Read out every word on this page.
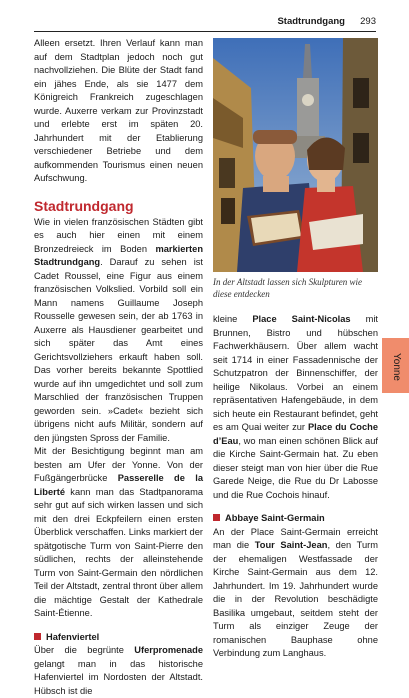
Stadtrundgang 293

Alleen ersetzt. Ihren Verlauf kann man auf dem Stadtplan jedoch noch gut nachvollziehen. Die Blüte der Stadt fand ein jähes Ende, als sie 1477 dem Königreich Frankreich zugeschlagen wurde. Auxerre verkam zur Provinzstadt und erlebte erst im späten 20. Jahrhundert mit der Etablierung verschiedener Betriebe und dem aufkommenden Tourismus einen neuen Aufschwung.

Stadtrundgang

Wie in vielen französischen Städten gibt es auch hier einen mit einem Bronzedreieck im Boden markierten Stadtrundgang. Darauf zu sehen ist Cadet Roussel, eine Figur aus einem französischen Volkslied. Vorbild soll ein Mann namens Guillaume Joseph Rousselle gewesen sein, der ab 1763 in Auxerre als Hausdiener gearbeitet und sich später das Amt eines Gerichtsvollziehers erkauft haben soll. Das vorher bereits bekannte Spottlied wurde auf ihn umgedichtet und soll zum Marschlied der französischen Truppen geworden sein. »Cadet« bezieht sich übrigens nicht aufs Militär, sondern auf den jüngsten Spross der Familie.

Mit der Besichtigung beginnt man am besten am Ufer der Yonne. Von der Fußgängerbrücke Passerelle de la Liberté kann man das Stadtpanorama sehr gut auf sich wirken lassen und sich mit den drei Eckpfeilern einen ersten Überblick verschaffen. Links markiert der spätgotische Turm von Saint-Pierre den südlichen, rechts der alleinstehende Turm von Saint-Germain den nördlichen Teil der Altstadt, zentral thront über allem die mächtige Gestalt der Kathedrale Saint-Étienne.

Hafenviertel

Über die begrünte Uferpromenade gelangt man in das historische Hafenviertel im Nordosten der Altstadt. Hübsch ist die

In der Altstadt lassen sich Skulpturen wie diese entdecken

kleine Place Saint-Nicolas mit Brunnen, Bistro und hübschen Fachwerkhäusern. Über allem wacht seit 1714 in einer Fassadennische der Schutzpatron der Binnenschiffer, der heilige Nikolaus. Vorbei an einem repräsentativen Hafengebäude, in dem sich heute ein Restaurant befindet, geht es am Quai weiter zur Place du Coche d’Eau, wo man einen schönen Blick auf die Kirche Saint-Germain hat. Zu eben dieser steigt man von hier über die Rue Garede Neige, die Rue du Dr Labosse und die Rue Cochois hinauf.

Abbaye Saint-Germain

An der Place Saint-Germain erreicht man die Tour Saint-Jean, den Turm der ehemaligen Westfassade der Kirche Saint-Germain aus dem 12. Jahrhundert. Im 19. Jahrhundert wurde die in der Revolution beschädigte Basilika umgebaut, seitdem steht der Turm als einziger Zeuge der romanischen Bauphase ohne Verbindung zum Langhaus.

Yonne
